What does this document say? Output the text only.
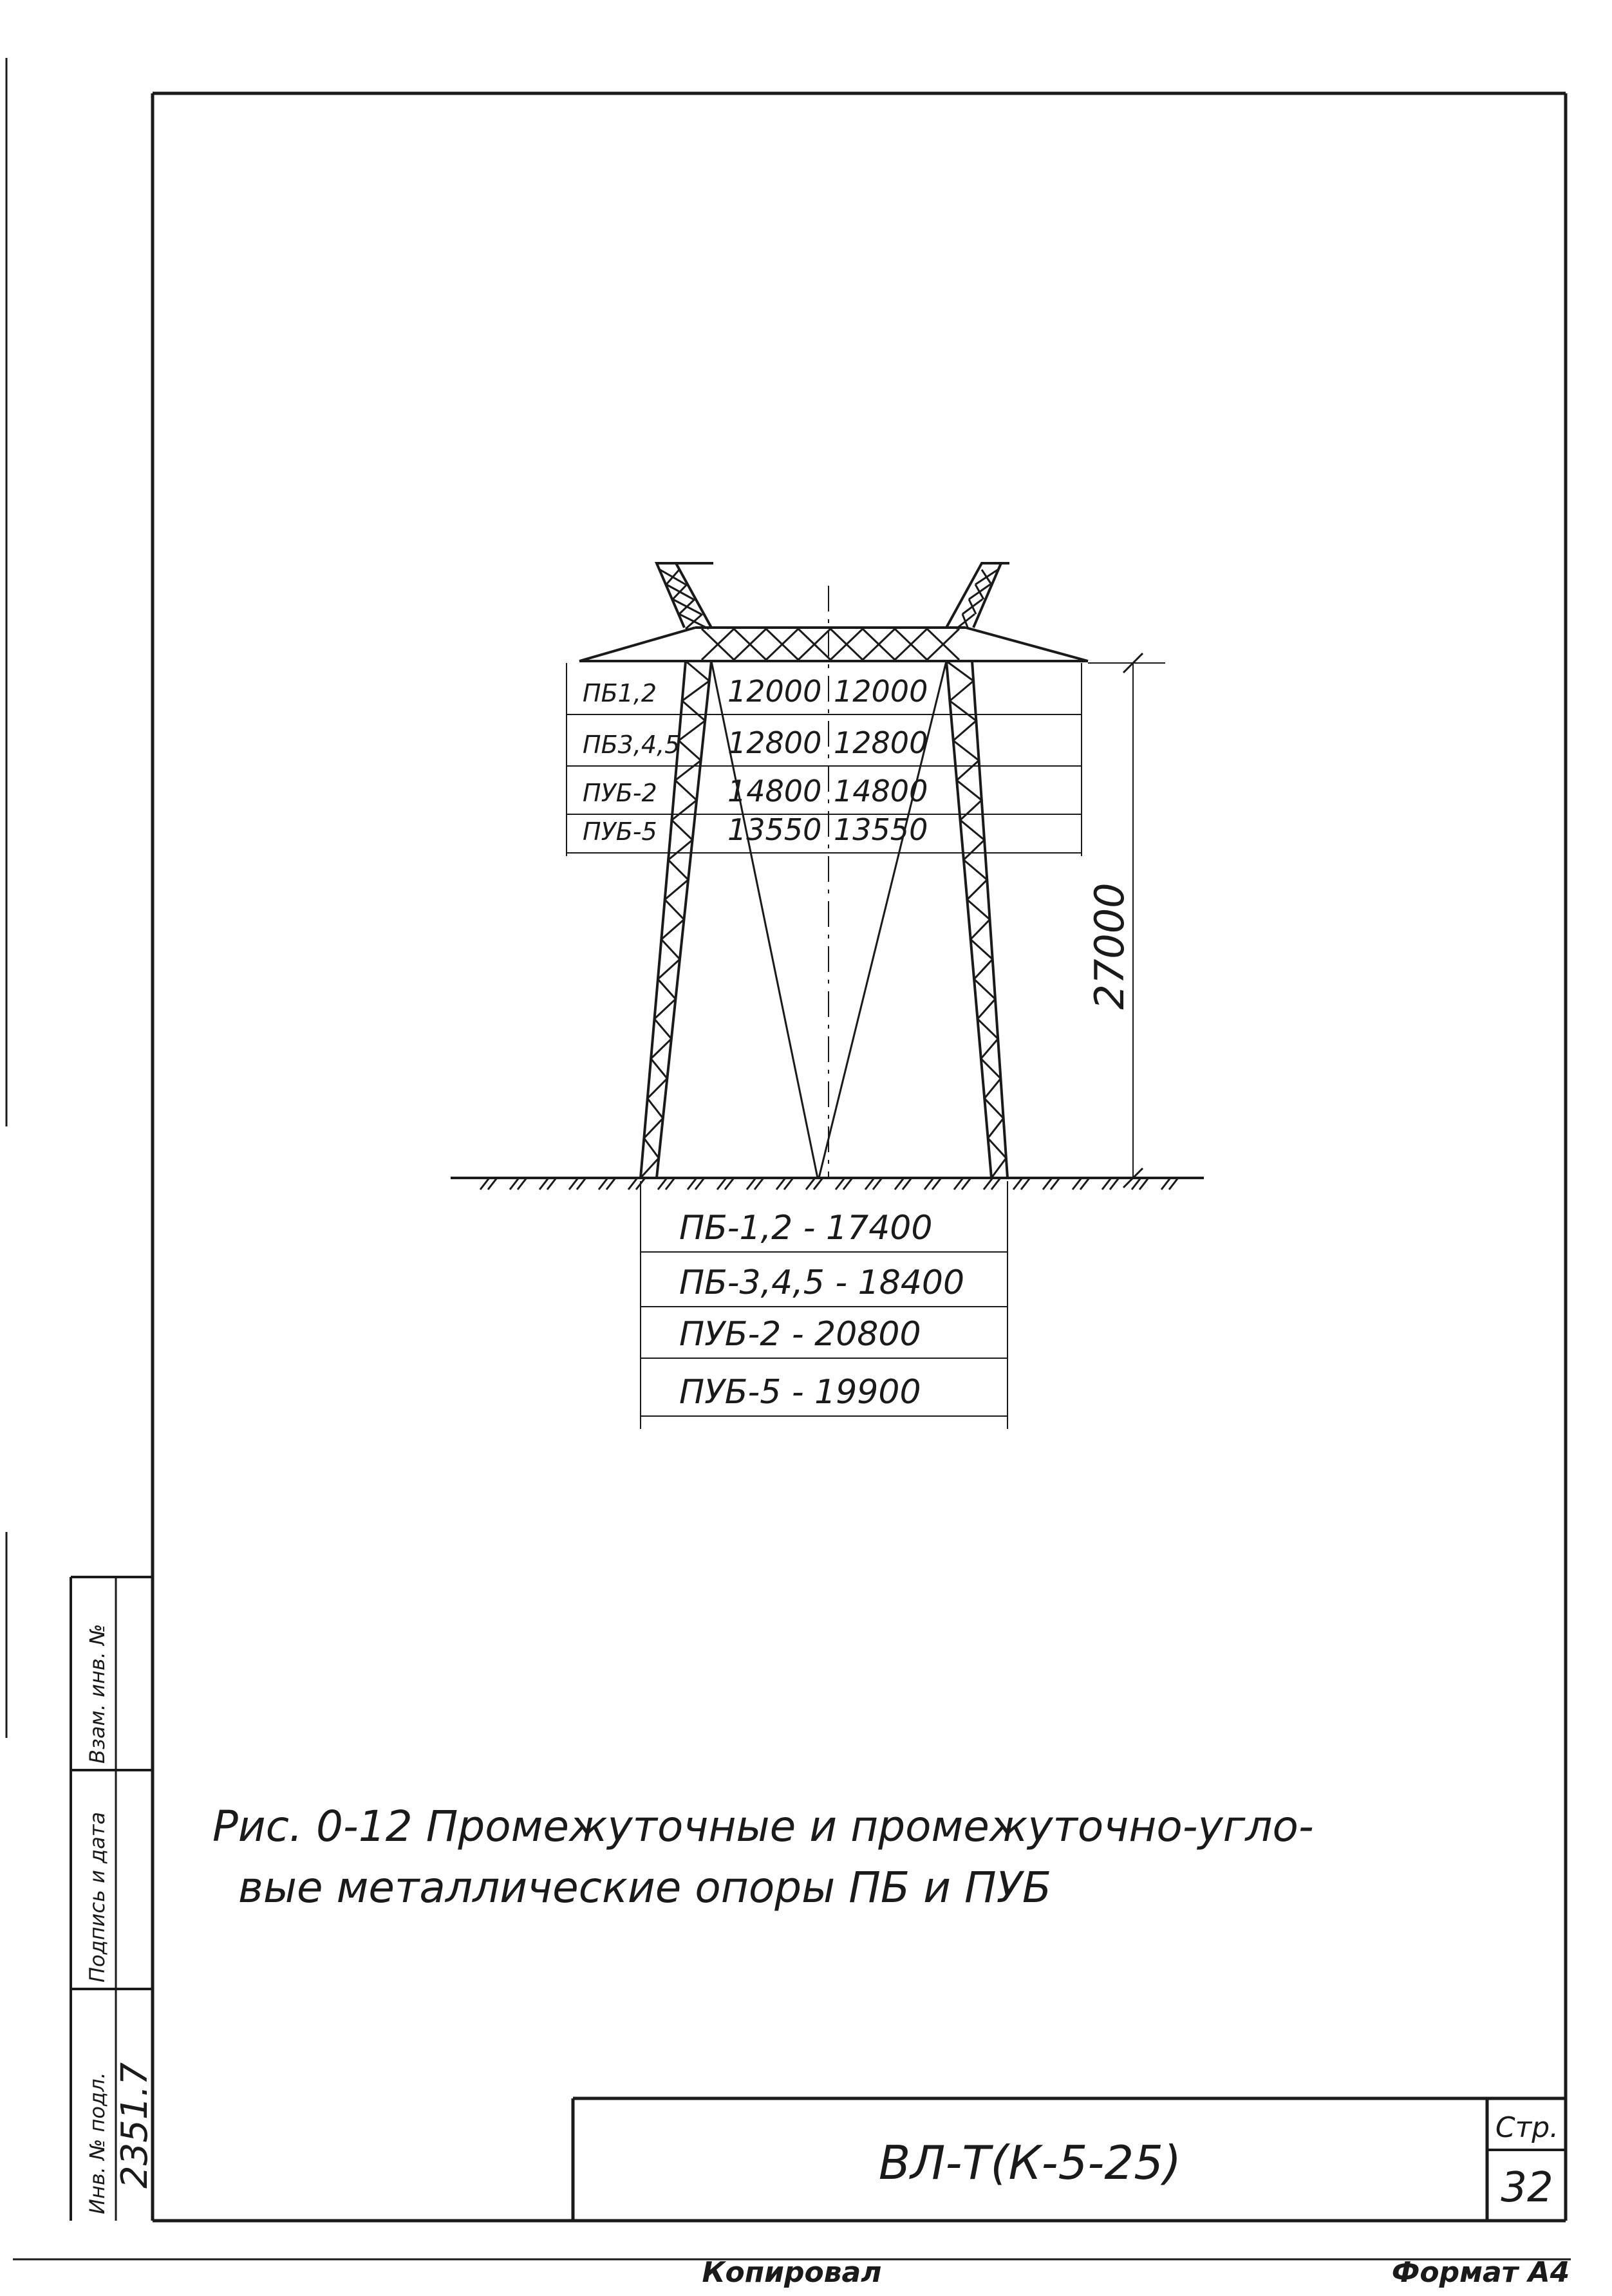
ПБ1,2 12000 12000
ПБ3,4,5 12800 12800
ПУБ-2 14800 14800
ПУБ-5 13550 13550
27000
ПБ-1,2 - 17400
ПБ-3,4,5 - 18400
ПУБ-2 - 20800
ПУБ-5 - 19900
Рис. 0-12 Промежуточные и промежуточно-угло-
вые металлические опоры ПБ и ПУБ
Взам. инв. №
Подпись и дата
Инв. № подл. 2351.7	ВЛ-Т(К-5-25)
Стр.
32
Копировал	Формат А4
